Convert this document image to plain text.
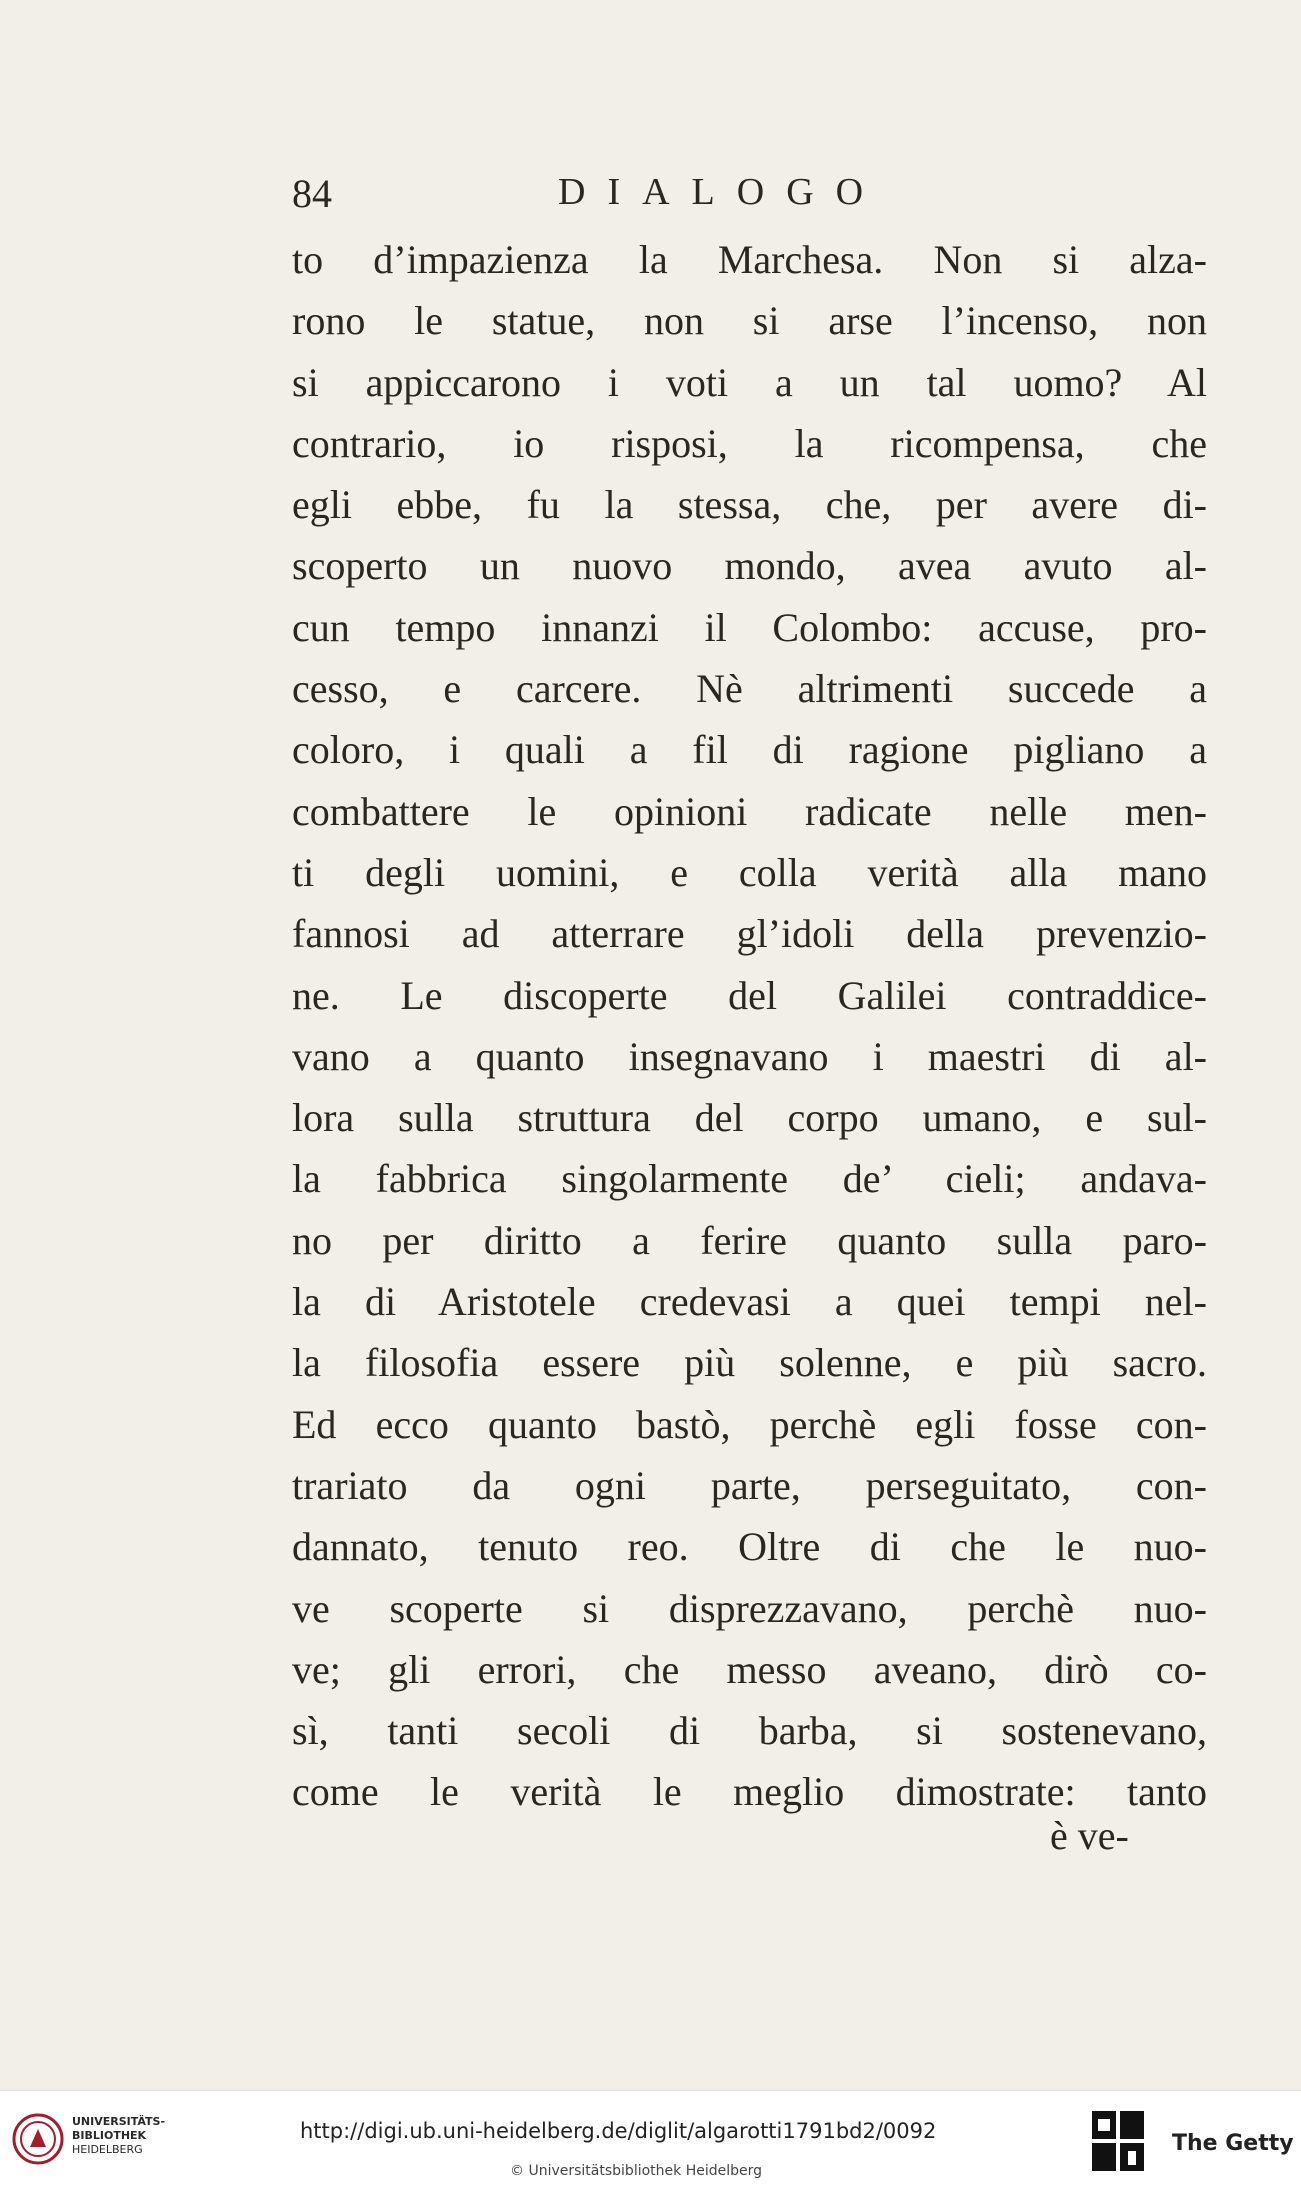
84	DIALOGO
to d’impazienza la Marchesa. Non si alza-
rono le statue, non si arse l’incenso, non
si appiccarono i voti a un tal uomo? Al
contrario, io risposi, la ricompensa, che
egli ebbe, fu la stessa, che, per avere di-
scoperto un nuovo mondo, avea avuto al-
cun tempo innanzi il Colombo: accuse, pro-
cesso, e carcere. Nè altrimenti succede a
coloro, i quali a fil di ragione pigliano a
combattere le opinioni radicate nelle men-
ti degli uomini, e colla verità alla mano
fannosi ad atterrare gl’idoli della prevenzio-
ne. Le discoperte del Galilei contraddice-
vano a quanto insegnavano i maestri di al-
lora sulla struttura del corpo umano, e sul-
la fabbrica singolarmente de’ cieli; andava-
no per diritto a ferire quanto sulla paro-
la di Aristotele credevasi a quei tempi nel-
la filosofia essere più solenne, e più sacro.
Ed ecco quanto bastò, perchè egli fosse con-
trariato da ogni parte, perseguitato, con-
dannato, tenuto reo. Oltre di che le nuo-
ve scoperte si disprezzavano, perchè nuo-
ve; gli errori, che messo aveano, dirò co-
sì, tanti secoli di barba, si sostenevano,
come le verità le meglio dimostrate: tanto
è ve-
UNIVERSITÄTS-
BIBLIOTHEK
HEIDELBERG
http://digi.ub.uni-heidelberg.de/diglit/algarotti1791bd2/0092
© Universitätsbibliothek Heidelberg
The Getty
